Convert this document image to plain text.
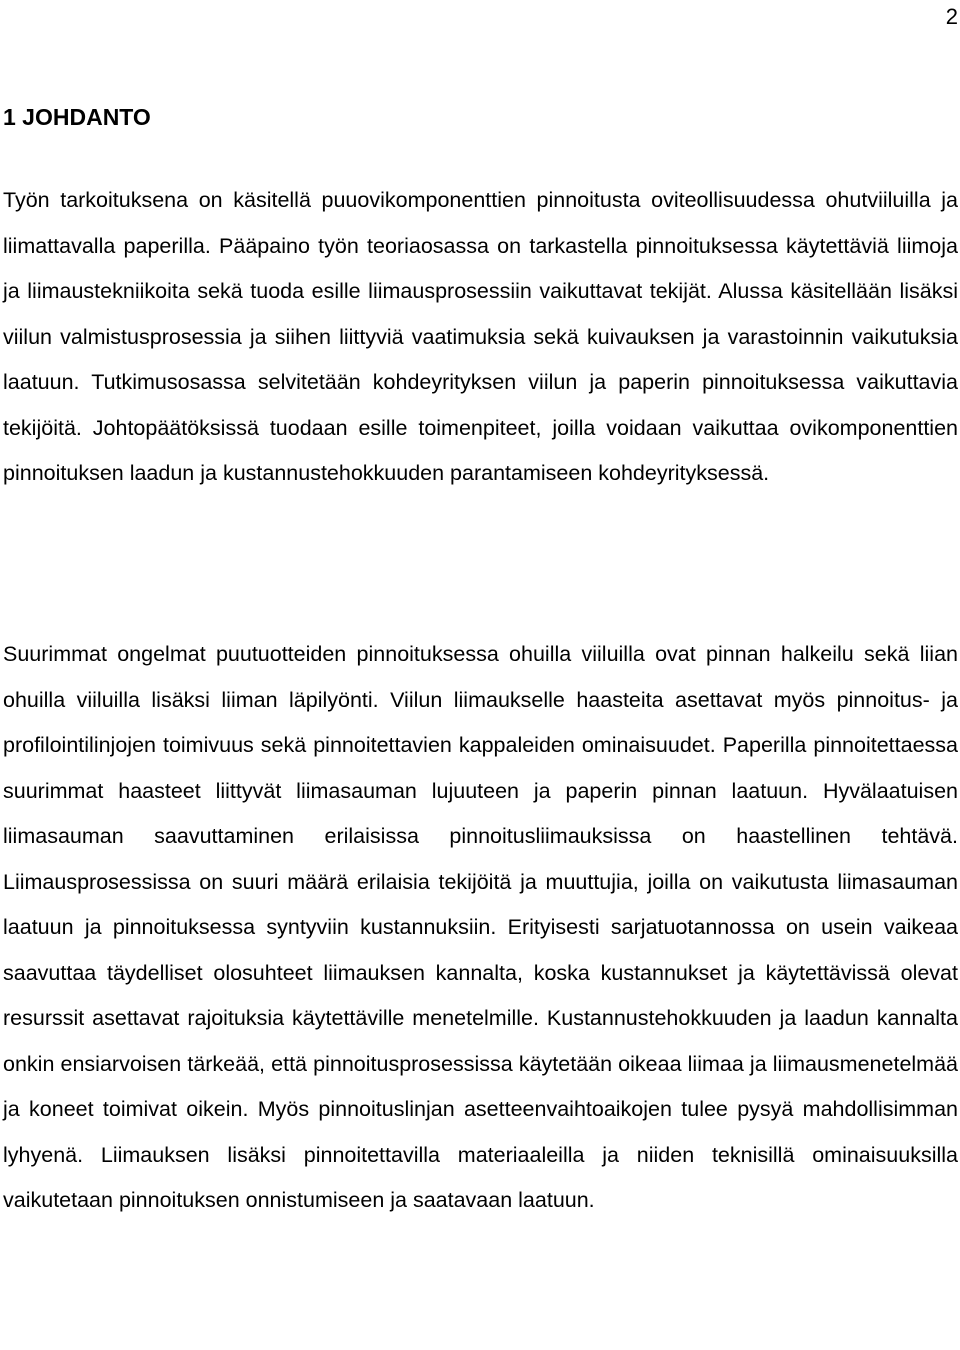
2
1 JOHDANTO

Työn tarkoituksena on käsitellä puuovikomponenttien pinnoitusta oviteollisuudessa ohutviiluilla ja liimattavalla paperilla. Pääpaino työn teoriaosassa on tarkastella pinnoituksessa käytettäviä liimoja ja liimaustekniikoita sekä tuoda esille liimausprosessiin vaikuttavat tekijät. Alussa käsitellään lisäksi viilun valmistusprosessia ja siihen liittyviä vaatimuksia sekä kuivauksen ja varastoinnin vaikutuksia laatuun. Tutkimusosassa selvitetään kohdeyrityksen viilun ja paperin pinnoituksessa vaikuttavia tekijöitä. Johtopäätöksissä tuodaan esille toimenpiteet, joilla voidaan vaikuttaa ovikomponenttien pinnoituksen laadun ja kustannustehokkuuden parantamiseen kohdeyrityksessä.

Suurimmat ongelmat puutuotteiden pinnoituksessa ohuilla viiluilla ovat pinnan halkeilu sekä liian ohuilla viiluilla lisäksi liiman läpilyönti. Viilun liimaukselle haasteita asettavat myös pinnoitus- ja profilointilinjojen toimivuus sekä pinnoitettavien kappaleiden ominaisuudet. Paperilla pinnoitettaessa suurimmat haasteet liittyvät liimasauman lujuuteen ja paperin pinnan laatuun. Hyvälaatuisen liimasauman saavuttaminen erilaisissa pinnoitusliimauksissa on haastellinen tehtävä. Liimausprosessissa on suuri määrä erilaisia tekijöitä ja muuttujia, joilla on vaikutusta liimasauman laatuun ja pinnoituksessa syntyviin kustannuksiin. Erityisesti sarjatuotannossa on usein vaikeaa saavuttaa täydelliset olosuhteet liimauksen kannalta, koska kustannukset ja käytettävissä olevat resurssit asettavat rajoituksia käytettäville menetelmille. Kustannustehokkuuden ja laadun kannalta onkin ensiarvoisen tärkeää, että pinnoitusprosessissa käytetään oikeaa liimaa ja liimausmenetelmää ja koneet toimivat oikein. Myös pinnoituslinjan asetteenvaihtoaikojen tulee pysyä mahdollisimman lyhyenä. Liimauksen lisäksi pinnoitettavilla materiaaleilla ja niiden teknisillä ominaisuuksilla vaikutetaan pinnoituksen onnistumiseen ja saatavaan laatuun.
